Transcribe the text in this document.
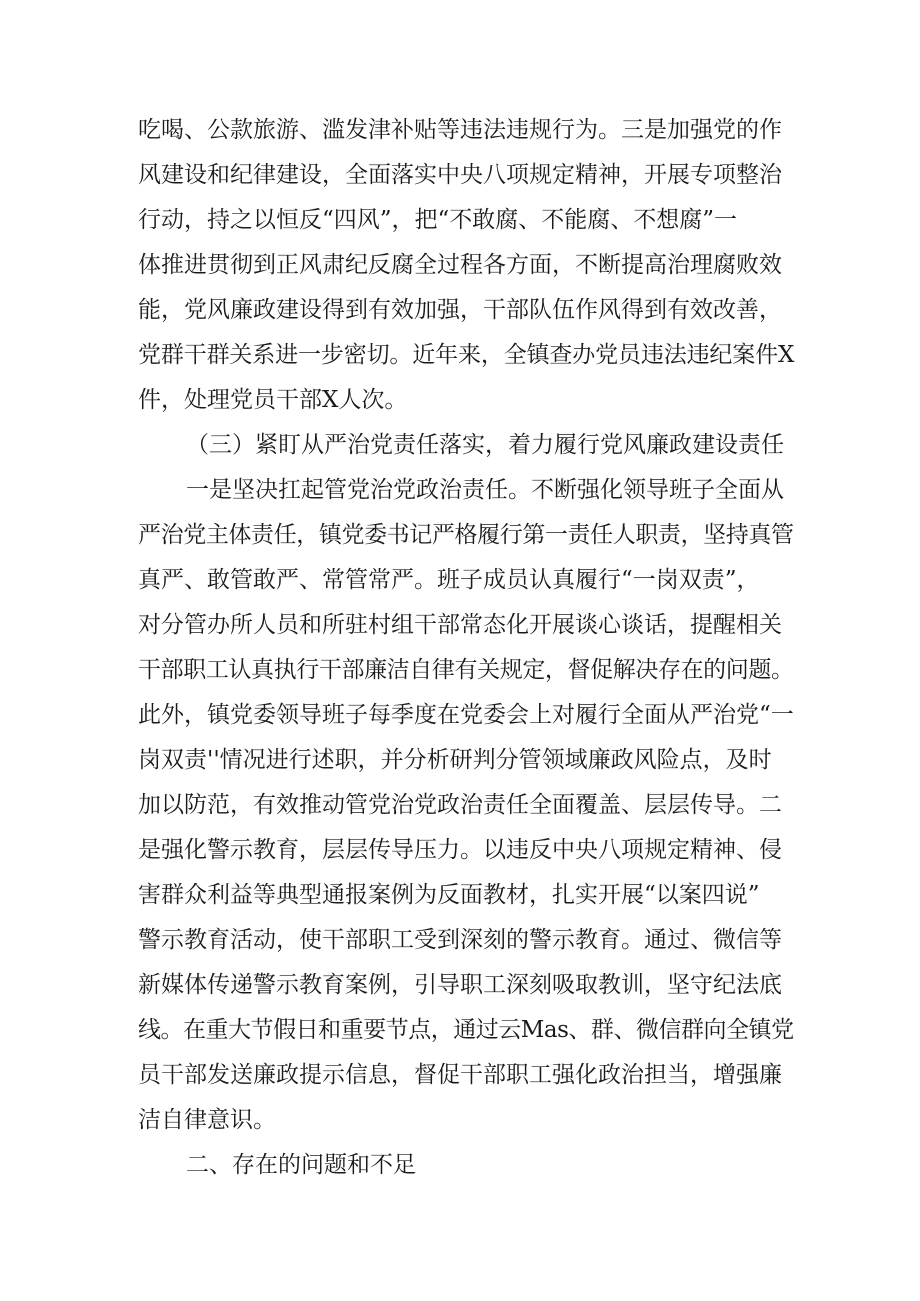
吃喝、公款旅游、滥发津补贴等违法违规行为。三是加强党的作

风建设和纪律建设，全面落实中央八项规定精神，开展专项整治

行动，持之以恒反“四风”，把“不敢腐、不能腐、不想腐”一

体推进贯彻到正风肃纪反腐全过程各方面，不断提高治理腐败效

能，党风廉政建设得到有效加强，干部队伍作风得到有效改善，

党群干群关系进一步密切。近年来，全镇查办党员违法违纪案件X

件，处理党员干部X人次。

（三）紧盯从严治党责任落实，着力履行党风廉政建设责任

一是坚决扛起管党治党政治责任。不断强化领导班子全面从

严治党主体责任，镇党委书记严格履行第一责任人职责，坚持真管

真严、敢管敢严、常管常严。班子成员认真履行“一岗双责”，

对分管办所人员和所驻村组干部常态化开展谈心谈话，提醒相关

干部职工认真执行干部廉洁自律有关规定，督促解决存在的问题。

此外，镇党委领导班子每季度在党委会上对履行全面从严治党“一

岗双责''情况进行述职，并分析研判分管领域廉政风险点，及时

加以防范，有效推动管党治党政治责任全面覆盖、层层传导。二

是强化警示教育，层层传导压力。以违反中央八项规定精神、侵

害群众利益等典型通报案例为反面教材，扎实开展“以案四说”

警示教育活动，使干部职工受到深刻的警示教育。通过、微信等

新媒体传递警示教育案例，引导职工深刻吸取教训，坚守纪法底

线。在重大节假日和重要节点，通过云Mas、群、微信群向全镇党

员干部发送廉政提示信息，督促干部职工强化政治担当，增强廉

洁自律意识。

二、存在的问题和不足
